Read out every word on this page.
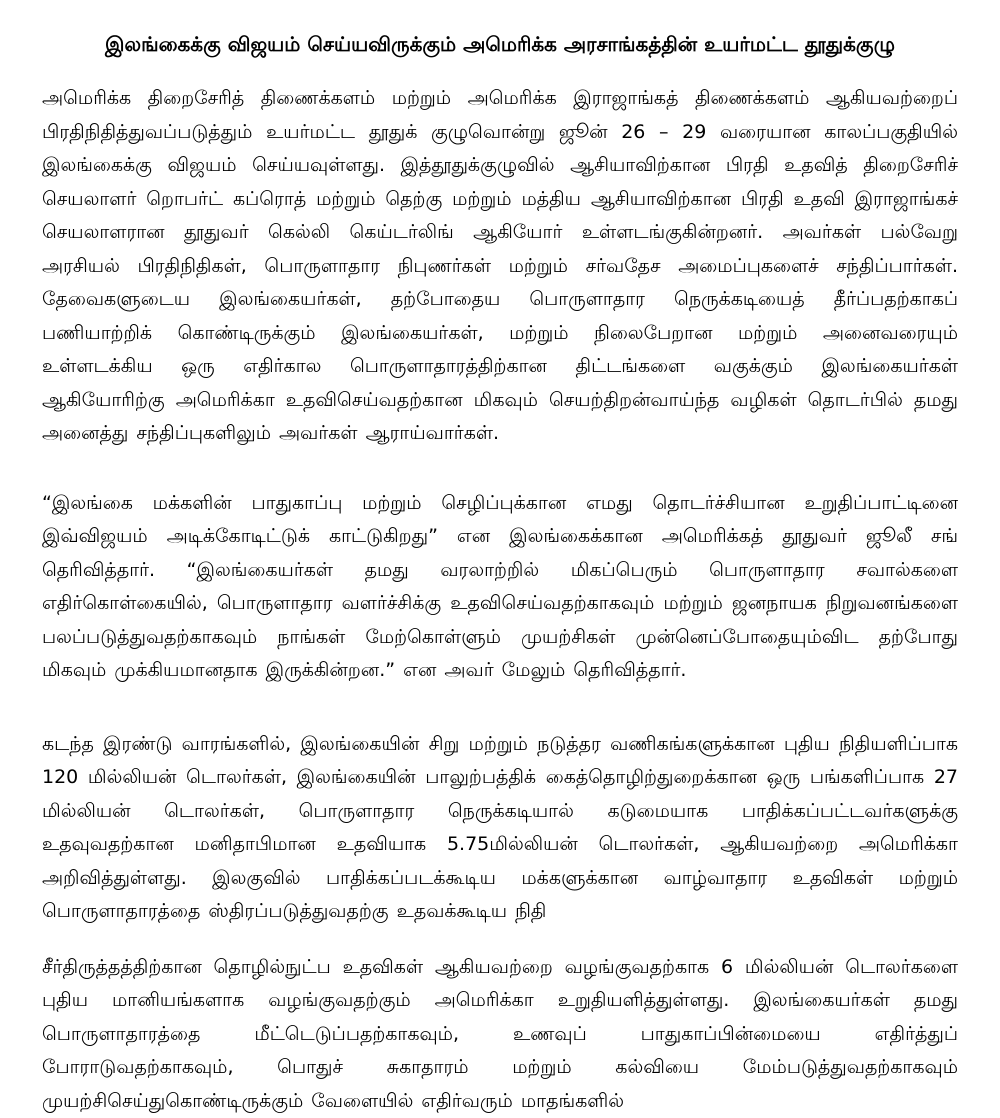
இலங்கைக்கு விஜயம் செய்யவிருக்கும் அமெரிக்க அரசாங்கத்தின் உயர்மட்ட தூதுக்குழு

அமெரிக்க திறைசேரித் திணைக்களம் மற்றும் அமெரிக்க இராஜாங்கத் திணைக்களம் ஆகியவற்றைப் பிரதிநிதித்துவப்படுத்தும் உயர்மட்ட தூதுக் குழுவொன்று ஜூன் 26 – 29 வரையான காலப்பகுதியில் இலங்கைக்கு விஜயம் செய்யவுள்ளது. இத்தூதுக்குழுவில் ஆசியாவிற்கான பிரதி உதவித் திறைசேரிச் செயலாளர் றொபர்ட் கப்ரொத் மற்றும் தெற்கு மற்றும் மத்திய ஆசியாவிற்கான பிரதி உதவி இராஜாங்கச் செயலாளரான தூதுவர் கெல்லி கெய்டர்லிங் ஆகியோர் உள்ளடங்குகின்றனர். அவர்கள் பல்வேறு அரசியல் பிரதிநிதிகள், பொருளாதார நிபுணர்கள் மற்றும் சர்வதேச அமைப்புகளைச் சந்திப்பார்கள். தேவைகளுடைய இலங்கையர்கள், தற்போதைய பொருளாதார நெருக்கடியைத் தீர்ப்பதற்காகப் பணியாற்றிக் கொண்டிருக்கும் இலங்கையர்கள், மற்றும் நிலைபேறான மற்றும் அனைவரையும் உள்ளடக்கிய ஒரு எதிர்கால பொருளாதாரத்திற்கான திட்டங்களை வகுக்கும் இலங்கையர்கள் ஆகியோரிற்கு அமெரிக்கா உதவிசெய்வதற்கான மிகவும் செயற்திறன்வாய்ந்த வழிகள் தொடர்பில் தமது அனைத்து சந்திப்புகளிலும் அவர்கள் ஆராய்வார்கள்.

“இலங்கை மக்களின் பாதுகாப்பு மற்றும் செழிப்புக்கான எமது தொடர்ச்சியான உறுதிப்பாட்டினை இவ்விஜயம் அடிக்கோடிட்டுக் காட்டுகிறது” என இலங்கைக்கான அமெரிக்கத் தூதுவர் ஜூலீ சங் தெரிவித்தார். “இலங்கையர்கள் தமது வரலாற்றில் மிகப்பெரும் பொருளாதார சவால்களை எதிர்கொள்கையில், பொருளாதார வளர்ச்சிக்கு உதவிசெய்வதற்காகவும் மற்றும் ஜனநாயக நிறுவனங்களை பலப்படுத்துவதற்காகவும் நாங்கள் மேற்கொள்ளும் முயற்சிகள் முன்னெப்போதையும்விட தற்போது மிகவும் முக்கியமானதாக இருக்கின்றன.” என அவர் மேலும் தெரிவித்தார்.

கடந்த இரண்டு வாரங்களில், இலங்கையின் சிறு மற்றும் நடுத்தர வணிகங்களுக்கான புதிய நிதியளிப்பாக 120 மில்லியன் டொலர்கள், இலங்கையின் பாலுற்பத்திக் கைத்தொழிற்துறைக்கான ஒரு பங்களிப்பாக 27 மில்லியன் டொலர்கள், பொருளாதார நெருக்கடியால் கடுமையாக பாதிக்கப்பட்டவர்களுக்கு உதவுவதற்கான மனிதாபிமான உதவியாக 5.75மில்லியன் டொலர்கள், ஆகியவற்றை அமெரிக்கா அறிவித்துள்ளது. இலகுவில் பாதிக்கப்படக்கூடிய மக்களுக்கான வாழ்வாதார உதவிகள் மற்றும் பொருளாதாரத்தை ஸ்திரப்படுத்துவதற்கு உதவக்கூடிய நிதி

சீர்திருத்தத்திற்கான தொழில்நுட்ப உதவிகள் ஆகியவற்றை வழங்குவதற்காக 6 மில்லியன் டொலர்களை புதிய மானியங்களாக வழங்குவதற்கும் அமெரிக்கா உறுதியளித்துள்ளது. இலங்கையர்கள் தமது பொருளாதாரத்தை மீட்டெடுப்பதற்காகவும், உணவுப் பாதுகாப்பின்மையை எதிர்த்துப் போராடுவதற்காகவும், பொதுச் சுகாதாரம் மற்றும் கல்வியை மேம்படுத்துவதற்காகவும் முயற்சிசெய்துகொண்டிருக்கும் வேளையில் எதிர்வரும் மாதங்களில்
